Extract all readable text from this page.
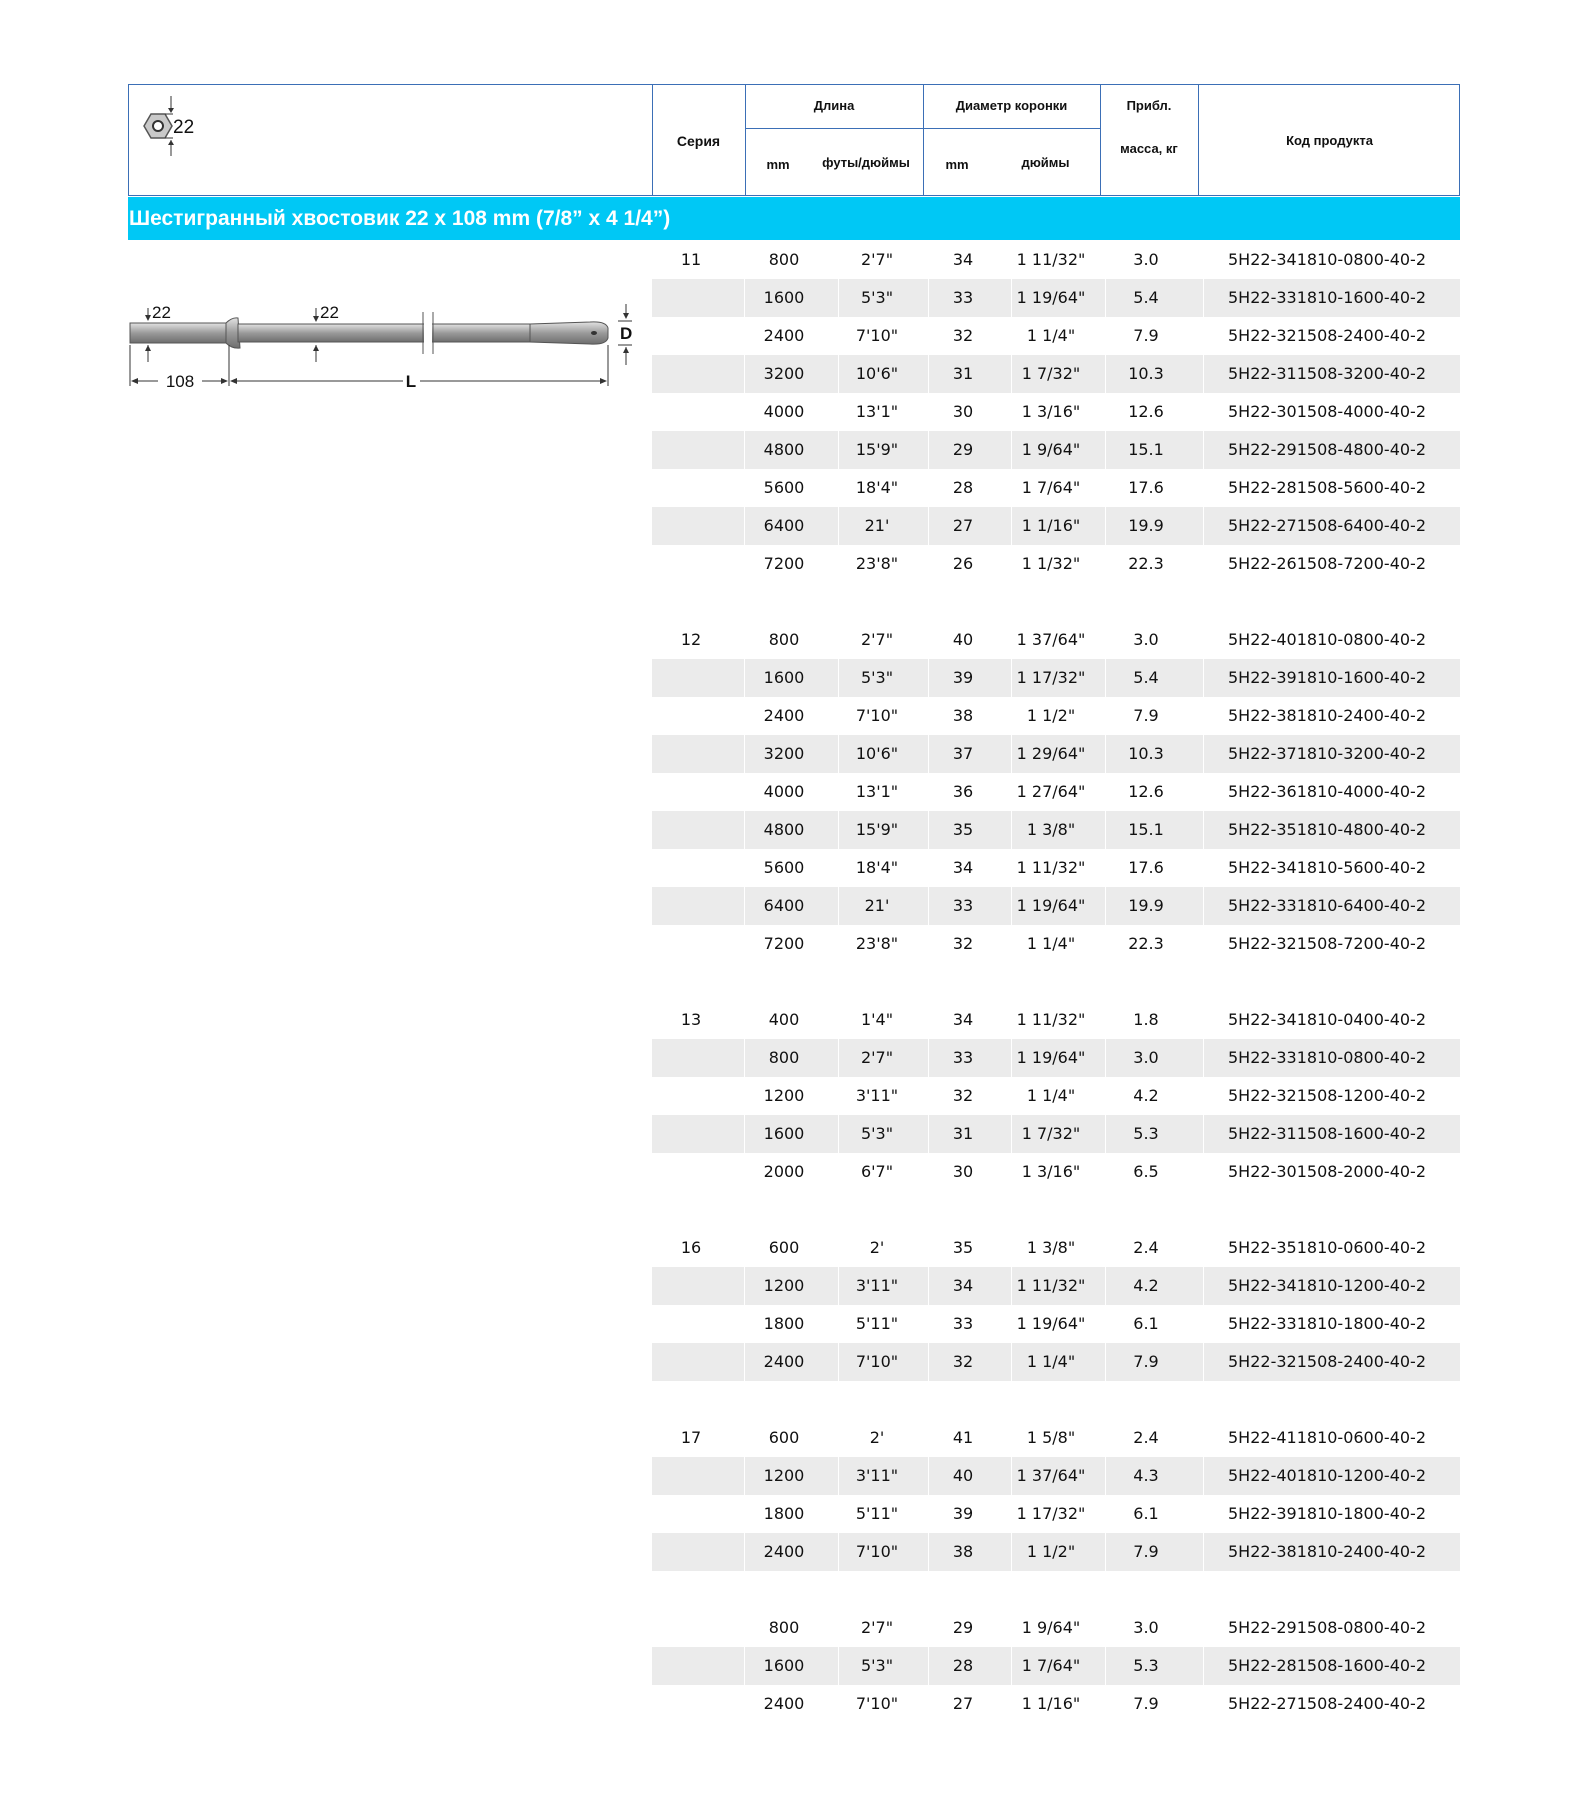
Серия
Длина
mm	футы/дюймы
Диаметр коронки
mm	дюймы
Прибл.
масса, кг
Код продукта
22
Шестигранный хвостовик 22 x 108 mm (7/8” x 4 1/4”)
22	22
D
108	L
11	800	2'7"	34	1 11/32"	3.0	5H22-341810-0800-40-2
1600	5'3"	33	1 19/64"	5.4	5H22-331810-1600-40-2
2400	7'10"	32	1 1/4"	7.9	5H22-321508-2400-40-2
3200	10'6"	31	1 7/32"	10.3	5H22-311508-3200-40-2
4000	13'1"	30	1 3/16"	12.6	5H22-301508-4000-40-2
4800	15'9"	29	1 9/64"	15.1	5H22-291508-4800-40-2
5600	18'4"	28	1 7/64"	17.6	5H22-281508-5600-40-2
6400	21'	27	1 1/16"	19.9	5H22-271508-6400-40-2
7200	23'8"	26	1 1/32"	22.3	5H22-261508-7200-40-2
12	800	2'7"	40	1 37/64"	3.0	5H22-401810-0800-40-2
1600	5'3"	39	1 17/32"	5.4	5H22-391810-1600-40-2
2400	7'10"	38	1 1/2"	7.9	5H22-381810-2400-40-2
3200	10'6"	37	1 29/64"	10.3	5H22-371810-3200-40-2
4000	13'1"	36	1 27/64"	12.6	5H22-361810-4000-40-2
4800	15'9"	35	1 3/8"	15.1	5H22-351810-4800-40-2
5600	18'4"	34	1 11/32"	17.6	5H22-341810-5600-40-2
6400	21'	33	1 19/64"	19.9	5H22-331810-6400-40-2
7200	23'8"	32	1 1/4"	22.3	5H22-321508-7200-40-2
13	400	1'4"	34	1 11/32"	1.8	5H22-341810-0400-40-2
800	2'7"	33	1 19/64"	3.0	5H22-331810-0800-40-2
1200	3'11"	32	1 1/4"	4.2	5H22-321508-1200-40-2
1600	5'3"	31	1 7/32"	5.3	5H22-311508-1600-40-2
2000	6'7"	30	1 3/16"	6.5	5H22-301508-2000-40-2
16	600	2'	35	1 3/8"	2.4	5H22-351810-0600-40-2
1200	3'11"	34	1 11/32"	4.2	5H22-341810-1200-40-2
1800	5'11"	33	1 19/64"	6.1	5H22-331810-1800-40-2
2400	7'10"	32	1 1/4"	7.9	5H22-321508-2400-40-2
17	600	2'	41	1 5/8"	2.4	5H22-411810-0600-40-2
1200	3'11"	40	1 37/64"	4.3	5H22-401810-1200-40-2
1800	5'11"	39	1 17/32"	6.1	5H22-391810-1800-40-2
2400	7'10"	38	1 1/2"	7.9	5H22-381810-2400-40-2
800	2'7"	29	1 9/64"	3.0	5H22-291508-0800-40-2
1600	5'3"	28	1 7/64"	5.3	5H22-281508-1600-40-2
2400	7'10"	27	1 1/16"	7.9	5H22-271508-2400-40-2
